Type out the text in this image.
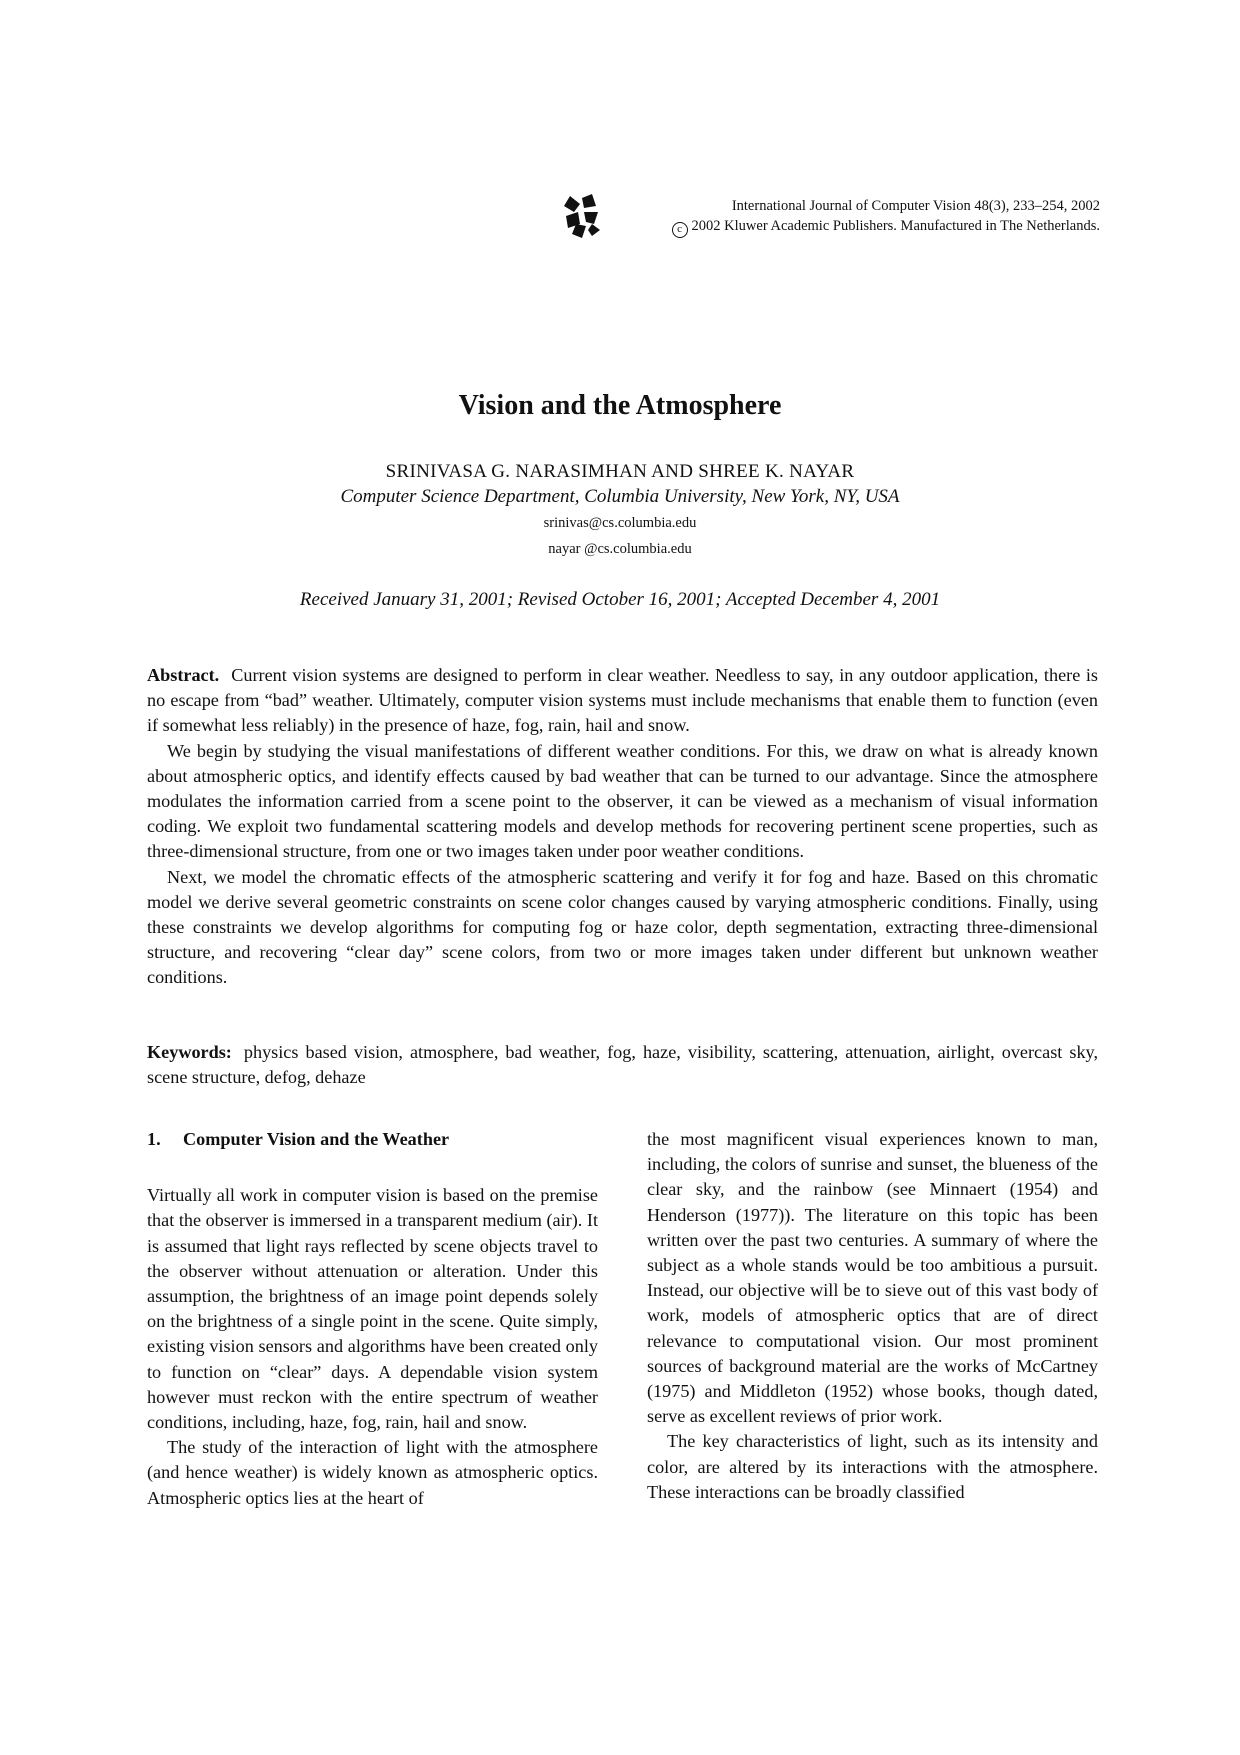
International Journal of Computer Vision 48(3), 233–254, 2002
c 2002 Kluwer Academic Publishers. Manufactured in The Netherlands.
Vision and the Atmosphere
SRINIVASA G. NARASIMHAN AND SHREE K. NAYAR
Computer Science Department, Columbia University, New York, NY, USA
srinivas@cs.columbia.edu
nayar @cs.columbia.edu
Received January 31, 2001; Revised October 16, 2001; Accepted December 4, 2001

Abstract. Current vision systems are designed to perform in clear weather. Needless to say, in any outdoor application, there is no escape from “bad” weather. Ultimately, computer vision systems must include mechanisms that enable them to function (even if somewhat less reliably) in the presence of haze, fog, rain, hail and snow.

We begin by studying the visual manifestations of different weather conditions. For this, we draw on what is already known about atmospheric optics, and identify effects caused by bad weather that can be turned to our advantage. Since the atmosphere modulates the information carried from a scene point to the observer, it can be viewed as a mechanism of visual information coding. We exploit two fundamental scattering models and develop methods for recovering pertinent scene properties, such as three-dimensional structure, from one or two images taken under poor weather conditions.

Next, we model the chromatic effects of the atmospheric scattering and verify it for fog and haze. Based on this chromatic model we derive several geometric constraints on scene color changes caused by varying atmospheric conditions. Finally, using these constraints we develop algorithms for computing fog or haze color, depth segmentation, extracting three-dimensional structure, and recovering “clear day” scene colors, from two or more images taken under different but unknown weather conditions.

Keywords: physics based vision, atmosphere, bad weather, fog, haze, visibility, scattering, attenuation, airlight, overcast sky, scene structure, defog, dehaze

1. Computer Vision and the Weather

Virtually all work in computer vision is based on the premise that the observer is immersed in a transparent medium (air). It is assumed that light rays reflected by scene objects travel to the observer without attenuation or alteration. Under this assumption, the brightness of an image point depends solely on the brightness of a single point in the scene. Quite simply, existing vision sensors and algorithms have been created only to function on “clear” days. A dependable vision system however must reckon with the entire spectrum of weather conditions, including, haze, fog, rain, hail and snow.

The study of the interaction of light with the atmosphere (and hence weather) is widely known as atmospheric optics. Atmospheric optics lies at the heart of

the most magnificent visual experiences known to man, including, the colors of sunrise and sunset, the blueness of the clear sky, and the rainbow (see Minnaert (1954) and Henderson (1977)). The literature on this topic has been written over the past two centuries. A summary of where the subject as a whole stands would be too ambitious a pursuit. Instead, our objective will be to sieve out of this vast body of work, models of atmospheric optics that are of direct relevance to computational vision. Our most prominent sources of background material are the works of McCartney (1975) and Middleton (1952) whose books, though dated, serve as excellent reviews of prior work.

The key characteristics of light, such as its intensity and color, are altered by its interactions with the atmosphere. These interactions can be broadly classified
